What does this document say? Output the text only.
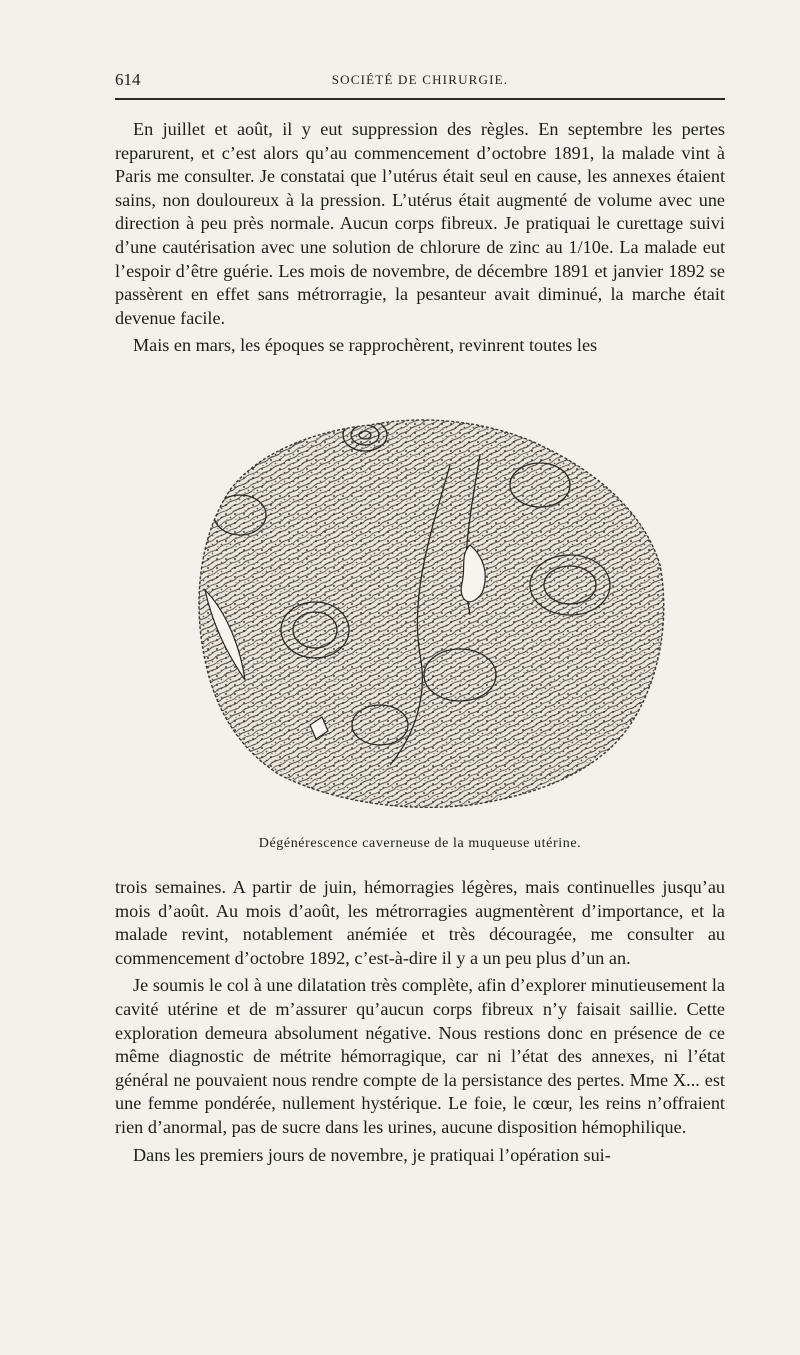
614	SOCIÉTÉ DE CHIRURGIE.

En juillet et août, il y eut suppression des règles. En septembre les pertes reparurent, et c’est alors qu’au commencement d’octobre 1891, la malade vint à Paris me consulter. Je constatai que l’utérus était seul en cause, les annexes étaient sains, non douloureux à la pression. L’utérus était augmenté de volume avec une direction à peu près normale. Aucun corps fibreux. Je pratiquai le curettage suivi d’une cautérisation avec une solution de chlorure de zinc au 1/10e. La malade eut l’espoir d’être guérie. Les mois de novembre, de décembre 1891 et janvier 1892 se passèrent en effet sans métrorragie, la pesanteur avait diminué, la marche était devenue facile.

Mais en mars, les époques se rapprochèrent, revinrent toutes les

Dégénérescence caverneuse de la muqueuse utérine.

trois semaines. A partir de juin, hémorragies légères, mais continuelles jusqu’au mois d’août. Au mois d’août, les métrorragies augmentèrent d’importance, et la malade revint, notablement anémiée et très découragée, me consulter au commencement d’octobre 1892, c’est-à-dire il y a un peu plus d’un an.

Je soumis le col à une dilatation très complète, afin d’explorer minutieusement la cavité utérine et de m’assurer qu’aucun corps fibreux n’y faisait saillie. Cette exploration demeura absolument négative. Nous restions donc en présence de ce même diagnostic de métrite hémorragique, car ni l’état des annexes, ni l’état général ne pouvaient nous rendre compte de la persistance des pertes. Mme X... est une femme pondérée, nullement hystérique. Le foie, le cœur, les reins n’offraient rien d’anormal, pas de sucre dans les urines, aucune disposition hémophilique.

Dans les premiers jours de novembre, je pratiquai l’opération sui-
